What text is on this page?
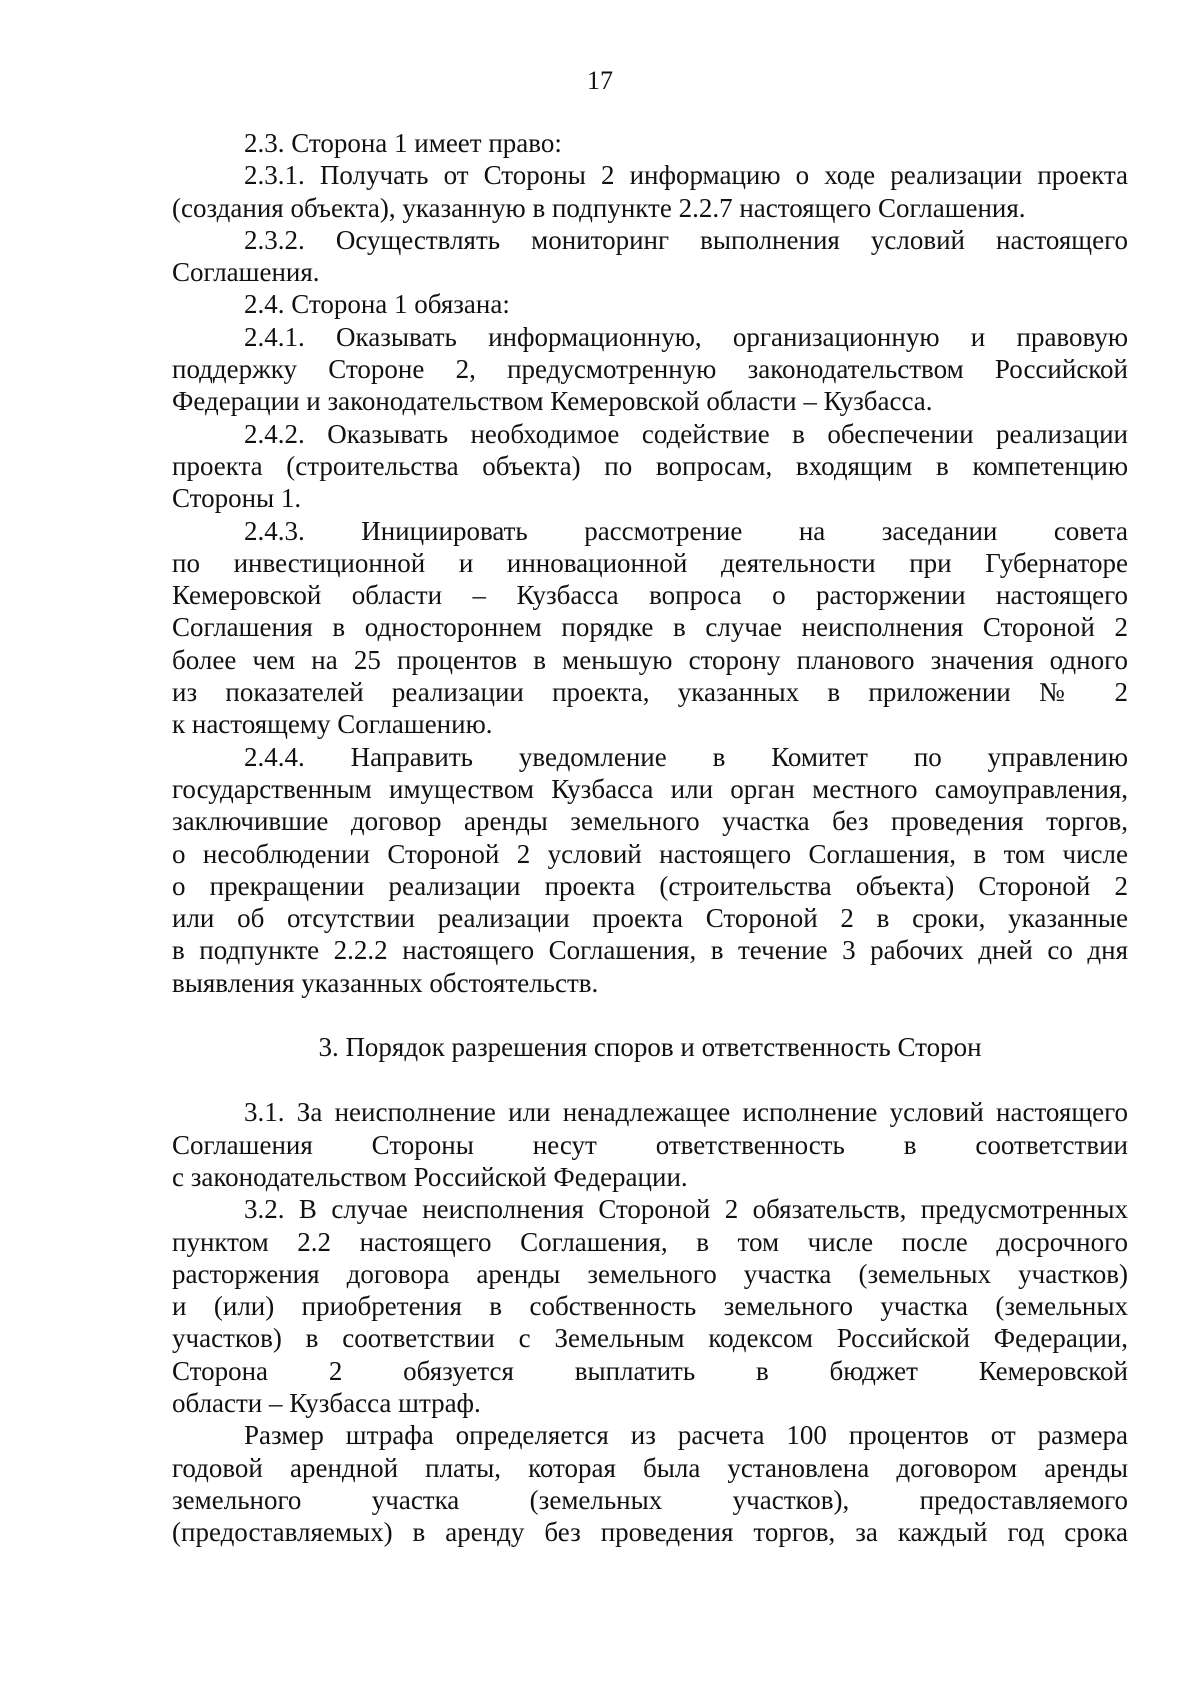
17
2.3. Сторона 1 имеет право:
2.3.1. Получать от Стороны 2 информацию о ходе реализации проекта
(создания объекта), указанную в подпункте 2.2.7 настоящего Соглашения.
2.3.2. Осуществлять мониторинг выполнения условий настоящего
Соглашения.
2.4. Сторона 1 обязана:
2.4.1. Оказывать информационную, организационную и правовую
поддержку Стороне 2, предусмотренную законодательством Российской
Федерации и законодательством Кемеровской области – Кузбасса.
2.4.2. Оказывать необходимое содействие в обеспечении реализации
проекта (строительства объекта) по вопросам, входящим в компетенцию
Стороны 1.
2.4.3. Инициировать рассмотрение на заседании совета
по инвестиционной и инновационной деятельности при Губернаторе
Кемеровской области – Кузбасса вопроса о расторжении настоящего
Соглашения в одностороннем порядке в случае неисполнения Стороной 2
более чем на 25 процентов в меньшую сторону планового значения одного
из показателей реализации проекта, указанных в приложении № 2
к настоящему Соглашению.
2.4.4. Направить уведомление в Комитет по управлению
государственным имуществом Кузбасса или орган местного самоуправления,
заключившие договор аренды земельного участка без проведения торгов,
о несоблюдении Стороной 2 условий настоящего Соглашения, в том числе
о прекращении реализации проекта (строительства объекта) Стороной 2
или об отсутствии реализации проекта Стороной 2 в сроки, указанные
в подпункте 2.2.2 настоящего Соглашения, в течение 3 рабочих дней со дня
выявления указанных обстоятельств.
3. Порядок разрешения споров и ответственность Сторон
3.1. За неисполнение или ненадлежащее исполнение условий настоящего
Соглашения Стороны несут ответственность в соответствии
с законодательством Российской Федерации.
3.2. В случае неисполнения Стороной 2 обязательств, предусмотренных
пунктом 2.2 настоящего Соглашения, в том числе после досрочного
расторжения договора аренды земельного участка (земельных участков)
и (или) приобретения в собственность земельного участка (земельных
участков) в соответствии с Земельным кодексом Российской Федерации,
Сторона 2 обязуется выплатить в бюджет Кемеровской
области – Кузбасса штраф.
Размер штрафа определяется из расчета 100 процентов от размера
годовой арендной платы, которая была установлена договором аренды
земельного участка (земельных участков), предоставляемого
(предоставляемых) в аренду без проведения торгов, за каждый год срока
